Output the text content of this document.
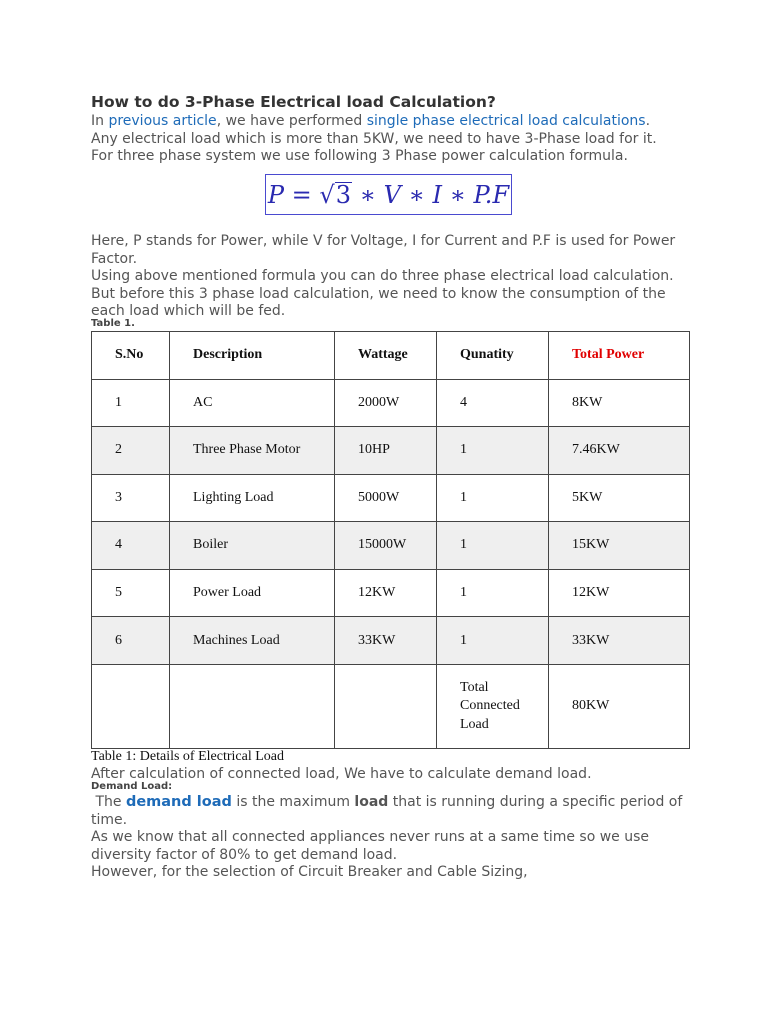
How to do 3-Phase Electrical load Calculation?

In previous article, we have performed single phase electrical load calculations.
Any electrical load which is more than 5KW, we need to have 3-Phase load for it.
For three phase system we use following 3 Phase power calculation formula.

P = √ 3 ∗ V ∗ I ∗ P.F

Here, P stands for Power, while V for Voltage, I for Current and P.F is used for Power Factor.

Using above mentioned formula you can do three phase electrical load calculation. But before this 3 phase load calculation, we need to know the consumption of the each load which will be fed.

Table 1.

S.No	Description	Wattage	Qunatity	Total Power
1	AC	2000W	4	8KW
2	Three Phase Motor	10HP	1	7.46KW
3	Lighting Load	5000W	1	5KW
4	Boiler	15000W	1	15KW
5	Power Load	12KW	1	12KW
6	Machines Load	33KW	1	33KW
			Total Connected Load	80KW

Table 1: Details of Electrical Load

After calculation of connected load, We have to calculate demand load.

Demand Load:

The demand load is the maximum load that is running during a specific period of time.

As we know that all connected appliances never runs at a same time so we use diversity factor of 80% to get demand load.

However, for the selection of Circuit Breaker and Cable Sizing,
